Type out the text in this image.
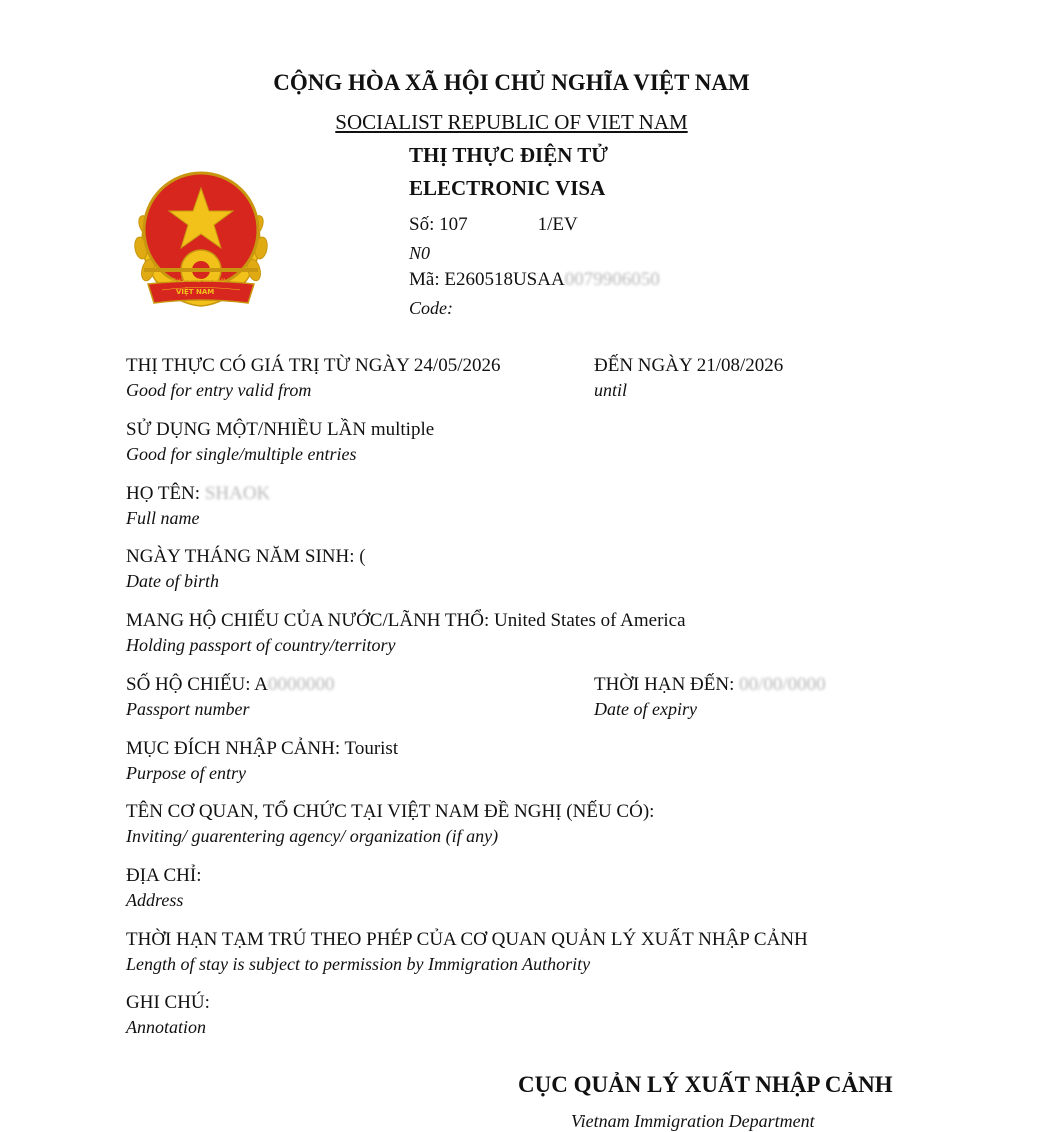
CỘNG HÒA XÃ HỘI CHỦ NGHĨA VIỆT NAM
SOCIALIST REPUBLIC OF VIET NAM
THỊ THỰC ĐIỆN TỬ
ELECTRONIC VISA
Số: 107	1/EV
N0
Mã: E260518USAA0079906050
Code:
CỘNG HÒA XÃ HỘI CHỦ NGHĨA
VIỆT NAM
THỊ THỰC CÓ GIÁ TRỊ TỪ NGÀY 24/05/2026
Good for entry valid from
ĐẾN NGÀY 21/08/2026
until
SỬ DỤNG MỘT/NHIỀU LẦN multiple
Good for single/multiple entries
HỌ TÊN: SHAOK
Full name
NGÀY THÁNG NĂM SINH: (
Date of birth
MANG HỘ CHIẾU CỦA NƯỚC/LÃNH THỔ: United States of America
Holding passport of country/territory
SỐ HỘ CHIẾU: A0000000
Passport number
THỜI HẠN ĐẾN: 00/00/0000
Date of expiry
MỤC ĐÍCH NHẬP CẢNH: Tourist
Purpose of entry
TÊN CƠ QUAN, TỔ CHỨC TẠI VIỆT NAM ĐỀ NGHỊ (NẾU CÓ):
Inviting/ guarentering agency/ organization (if any)
ĐỊA CHỈ:
Address
THỜI HẠN TẠM TRÚ THEO PHÉP CỦA CƠ QUAN QUẢN LÝ XUẤT NHẬP CẢNH
Length of stay is subject to permission by Immigration Authority
GHI CHÚ:
Annotation
CỤC QUẢN LÝ XUẤT NHẬP CẢNH
Vietnam Immigration Department
